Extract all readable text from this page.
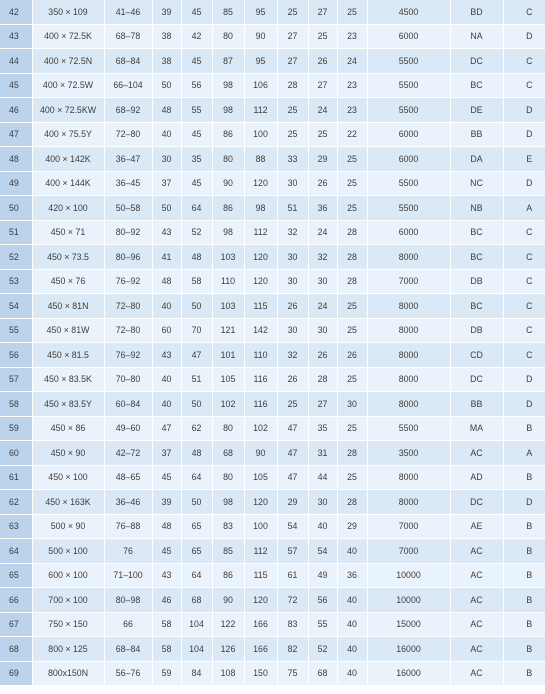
42	350 × 109	41–46	39	45	85	95	25	27	25	4500	BD	C
43	400 × 72.5K	68–78	38	42	80	90	27	25	23	6000	NA	D
44	400 × 72.5N	68–84	38	45	87	95	27	26	24	5500	DC	C
45	400 × 72.5W	66–104	50	56	98	106	28	27	23	5500	BC	C
46	400 × 72.5KW	68–92	48	55	98	112	25	24	23	5500	DE	D
47	400 × 75.5Y	72–80	40	45	86	100	25	25	22	6000	BB	D
48	400 × 142K	36–47	30	35	80	88	33	29	25	6000	DA	E
49	400 × 144K	36–45	37	45	90	120	30	26	25	5500	NC	D
50	420 × 100	50–58	50	64	86	98	51	36	25	5500	NB	A
51	450 × 71	80–92	43	52	98	112	32	24	28	6000	BC	C
52	450 × 73.5	80–96	41	48	103	120	30	32	28	8000	BC	C
53	450 × 76	76–92	48	58	110	120	30	30	28	7000	DB	C
54	450 × 81N	72–80	40	50	103	115	26	24	25	8000	BC	C
55	450 × 81W	72–80	60	70	121	142	30	30	25	8000	DB	C
56	450 × 81.5	76–92	43	47	101	110	32	26	26	8000	CD	C
57	450 × 83.5K	70–80	40	51	105	116	26	28	25	8000	DC	D
58	450 × 83.5Y	60–84	40	50	102	116	25	27	30	8000	BB	D
59	450 × 86	49–60	47	62	80	102	47	35	25	5500	MA	B
60	450 × 90	42–72	37	48	68	90	47	31	28	3500	AC	A
61	450 × 100	48–65	45	64	80	105	47	44	25	8000	AD	B
62	450 × 163K	36–46	39	50	98	120	29	30	28	8000	DC	D
63	500 × 90	76–88	48	65	83	100	54	40	29	7000	AE	B
64	500 × 100	76	45	65	85	112	57	54	40	7000	AC	B
65	600 × 100	71–100	43	64	86	115	61	49	36	10000	AC	B
66	700 × 100	80–98	46	68	90	120	72	56	40	10000	AC	B
67	750 × 150	66	58	104	122	166	83	55	40	15000	AC	B
68	800 × 125	68–84	58	104	126	166	82	52	40	16000	AC	B
69	800x150N	56–76	59	84	108	150	75	68	40	16000	AC	B
